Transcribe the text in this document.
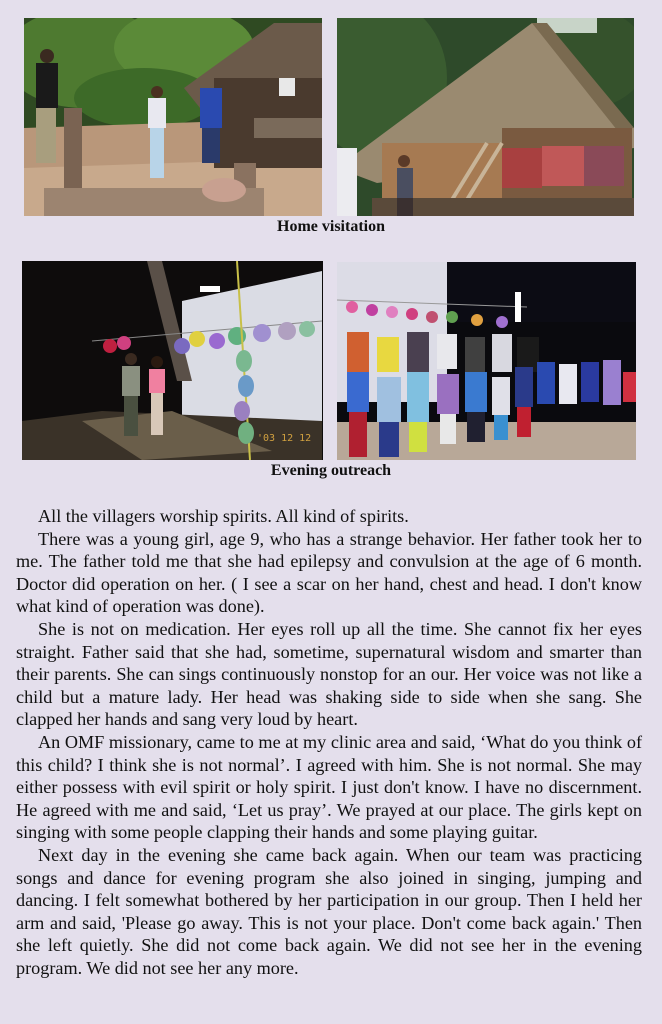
Home visitation
'03 12 12
Evening outreach

All the villagers worship spirits. All kind of spirits.

There was a young girl, age 9, who has a strange behavior. Her father took her to me. The father told me that she had epilepsy and convulsion at the age of 6 month. Doctor did operation on her. ( I see a scar on her hand, chest and head. I don't know what kind of operation was done).

She is not on medication. Her eyes roll up all the time. She cannot fix her eyes straight. Father said that she had, sometime, supernatural wisdom and smarter than their parents. She can sings continuously nonstop for an our. Her voice was not like a child but a mature lady. Her head was shaking side to side when she sang. She clapped her hands and sang very loud by heart.

An OMF missionary, came to me at my clinic area and said, ‘What do you think of this child? I think she is not normal’. I agreed with him. She is not normal. She may either possess with evil spirit or holy spirit. I just don't know. I have no discernment. He agreed with me and said, ‘Let us pray’. We prayed at our place. The girls kept on singing with some people clapping their hands and some playing guitar.

Next day in the evening she came back again. When our team was practicing songs and dance for evening program she also joined in singing, jumping and dancing. I felt somewhat bothered by her participation in our group. Then I held her arm and said, 'Please go away. This is not your place. Don't come back again.' Then she left quietly. She did not come back again. We did not see her in the evening program. We did not see her any more.
